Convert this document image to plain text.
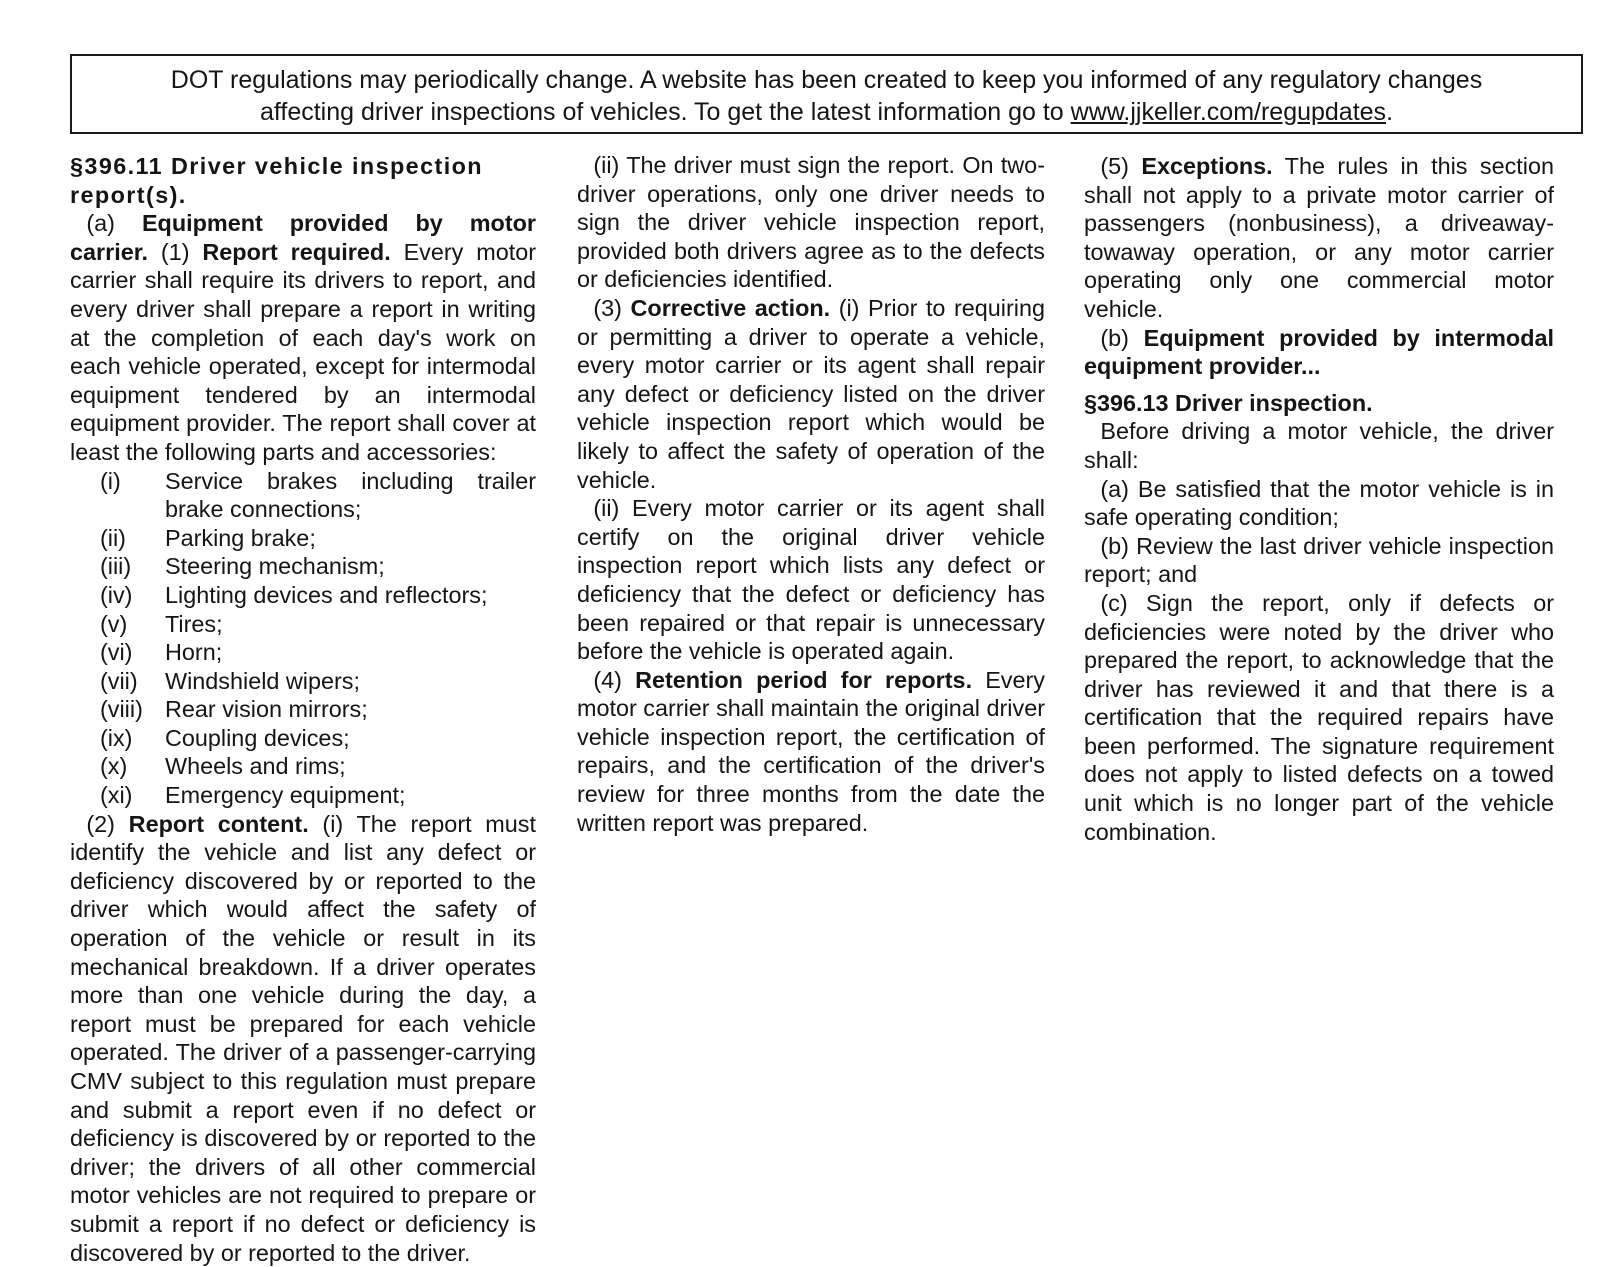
DOT regulations may periodically change. A website has been created to keep you informed of any regulatory changes
affecting driver inspections of vehicles. To get the latest information go to www.jjkeller.com/regupdates.

§396.11 Driver vehicle inspection report(s).

(a) Equipment provided by motor carrier. (1) Report required. Every motor carrier shall require its drivers to report, and every driver shall prepare a report in writing at the completion of each day's work on each vehicle operated, except for intermodal equipment tendered by an intermodal equipment provider. The report shall cover at least the following parts and accessories:

(i) Service brakes including trailer brake connections;
(ii) Parking brake;
(iii) Steering mechanism;
(iv) Lighting devices and reflectors;
(v) Tires;
(vi) Horn;
(vii) Windshield wipers;
(viii) Rear vision mirrors;
(ix) Coupling devices;
(x) Wheels and rims;
(xi) Emergency equipment;

(2) Report content. (i) The report must identify the vehicle and list any defect or deficiency discovered by or reported to the driver which would affect the safety of operation of the vehicle or result in its mechanical breakdown. If a driver operates more than one vehicle during the day, a report must be prepared for each vehicle operated. The driver of a passenger-carrying CMV subject to this regulation must prepare and submit a report even if no defect or deficiency is discovered by or reported to the driver; the drivers of all other commercial motor vehicles are not required to prepare or submit a report if no defect or deficiency is discovered by or reported to the driver.

(ii) The driver must sign the report. On two-driver operations, only one driver needs to sign the driver vehicle inspection report, provided both drivers agree as to the defects or deficiencies identified.

(3) Corrective action. (i) Prior to requiring or permitting a driver to operate a vehicle, every motor carrier or its agent shall repair any defect or deficiency listed on the driver vehicle inspection report which would be likely to affect the safety of operation of the vehicle.

(ii) Every motor carrier or its agent shall certify on the original driver vehicle inspection report which lists any defect or deficiency that the defect or deficiency has been repaired or that repair is unnecessary before the vehicle is operated again.

(4) Retention period for reports. Every motor carrier shall maintain the original driver vehicle inspection report, the certification of repairs, and the certification of the driver's review for three months from the date the written report was prepared.

(5) Exceptions. The rules in this section shall not apply to a private motor carrier of passengers (nonbusiness), a driveaway-towaway operation, or any motor carrier operating only one commercial motor vehicle.

(b) Equipment provided by intermodal equipment provider...

§396.13 Driver inspection.

Before driving a motor vehicle, the driver shall:

(a) Be satisfied that the motor vehicle is in safe operating condition;

(b) Review the last driver vehicle inspection report; and

(c) Sign the report, only if defects or deficiencies were noted by the driver who prepared the report, to acknowledge that the driver has reviewed it and that there is a certification that the required repairs have been performed. The signature requirement does not apply to listed defects on a towed unit which is no longer part of the vehicle combination.
